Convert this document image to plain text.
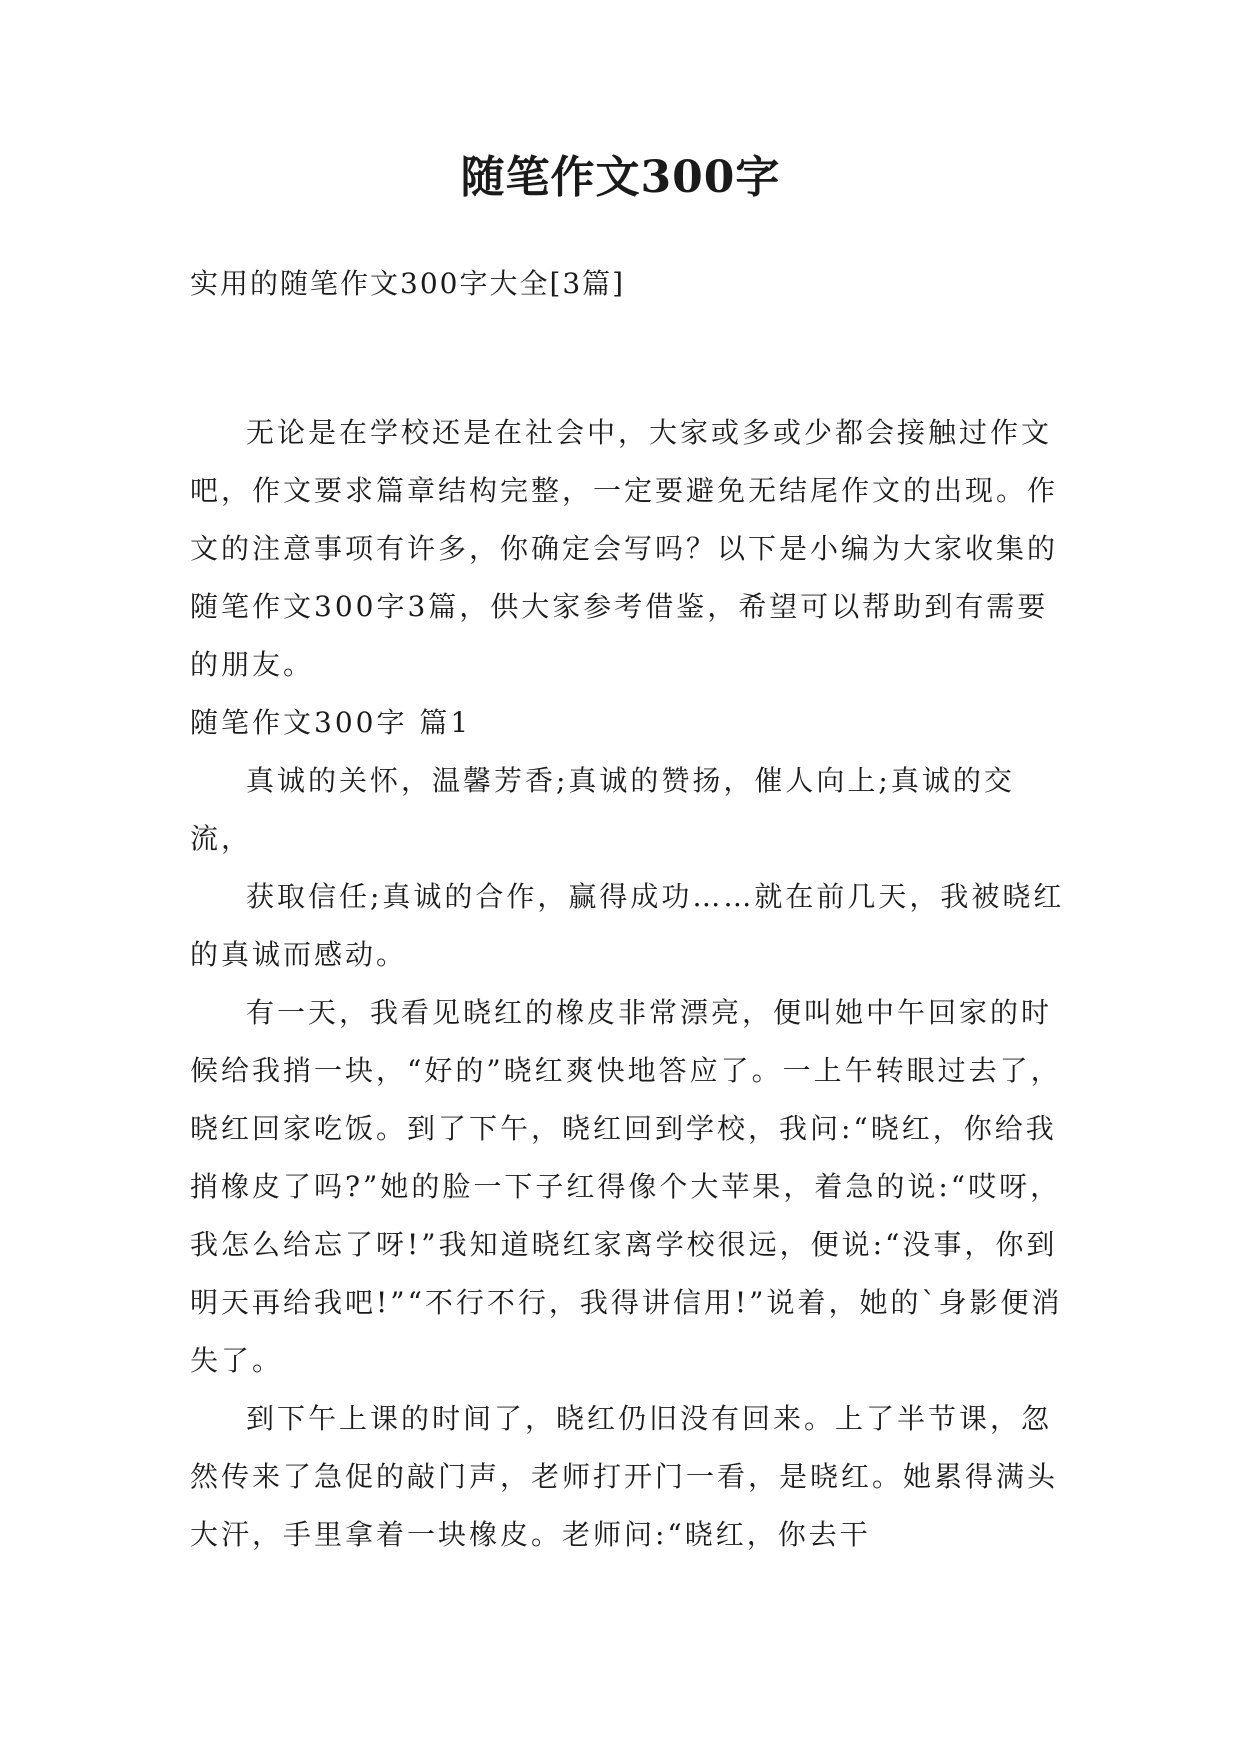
随笔作文300字
实用的随笔作文300字大全[3篇]

无论是在学校还是在社会中，大家或多或少都会接触过作文吧，作文要求篇章结构完整，一定要避免无结尾作文的出现。作文的注意事项有许多，你确定会写吗？以下是小编为大家收集的随笔作文300字3篇，供大家参考借鉴，希望可以帮助到有需要的朋友。

随笔作文300字 篇1

真诚的关怀，温馨芳香;真诚的赞扬，催人向上;真诚的交流，

获取信任;真诚的合作，赢得成功……就在前几天，我被晓红的真诚而感动。

有一天，我看见晓红的橡皮非常漂亮，便叫她中午回家的时候给我捎一块，“好的”晓红爽快地答应了。一上午转眼过去了，晓红回家吃饭。到了下午，晓红回到学校，我问:“晓红，你给我捎橡皮了吗?”她的脸一下子红得像个大苹果，着急的说:“哎呀，我怎么给忘了呀!”我知道晓红家离学校很远，便说:“没事，你到明天再给我吧!”“不行不行，我得讲信用!”说着，她的`身影便消失了。

到下午上课的时间了，晓红仍旧没有回来。上了半节课，忽然传来了急促的敲门声，老师打开门一看，是晓红。她累得满头大汗，手里拿着一块橡皮。老师问:“晓红，你去干
